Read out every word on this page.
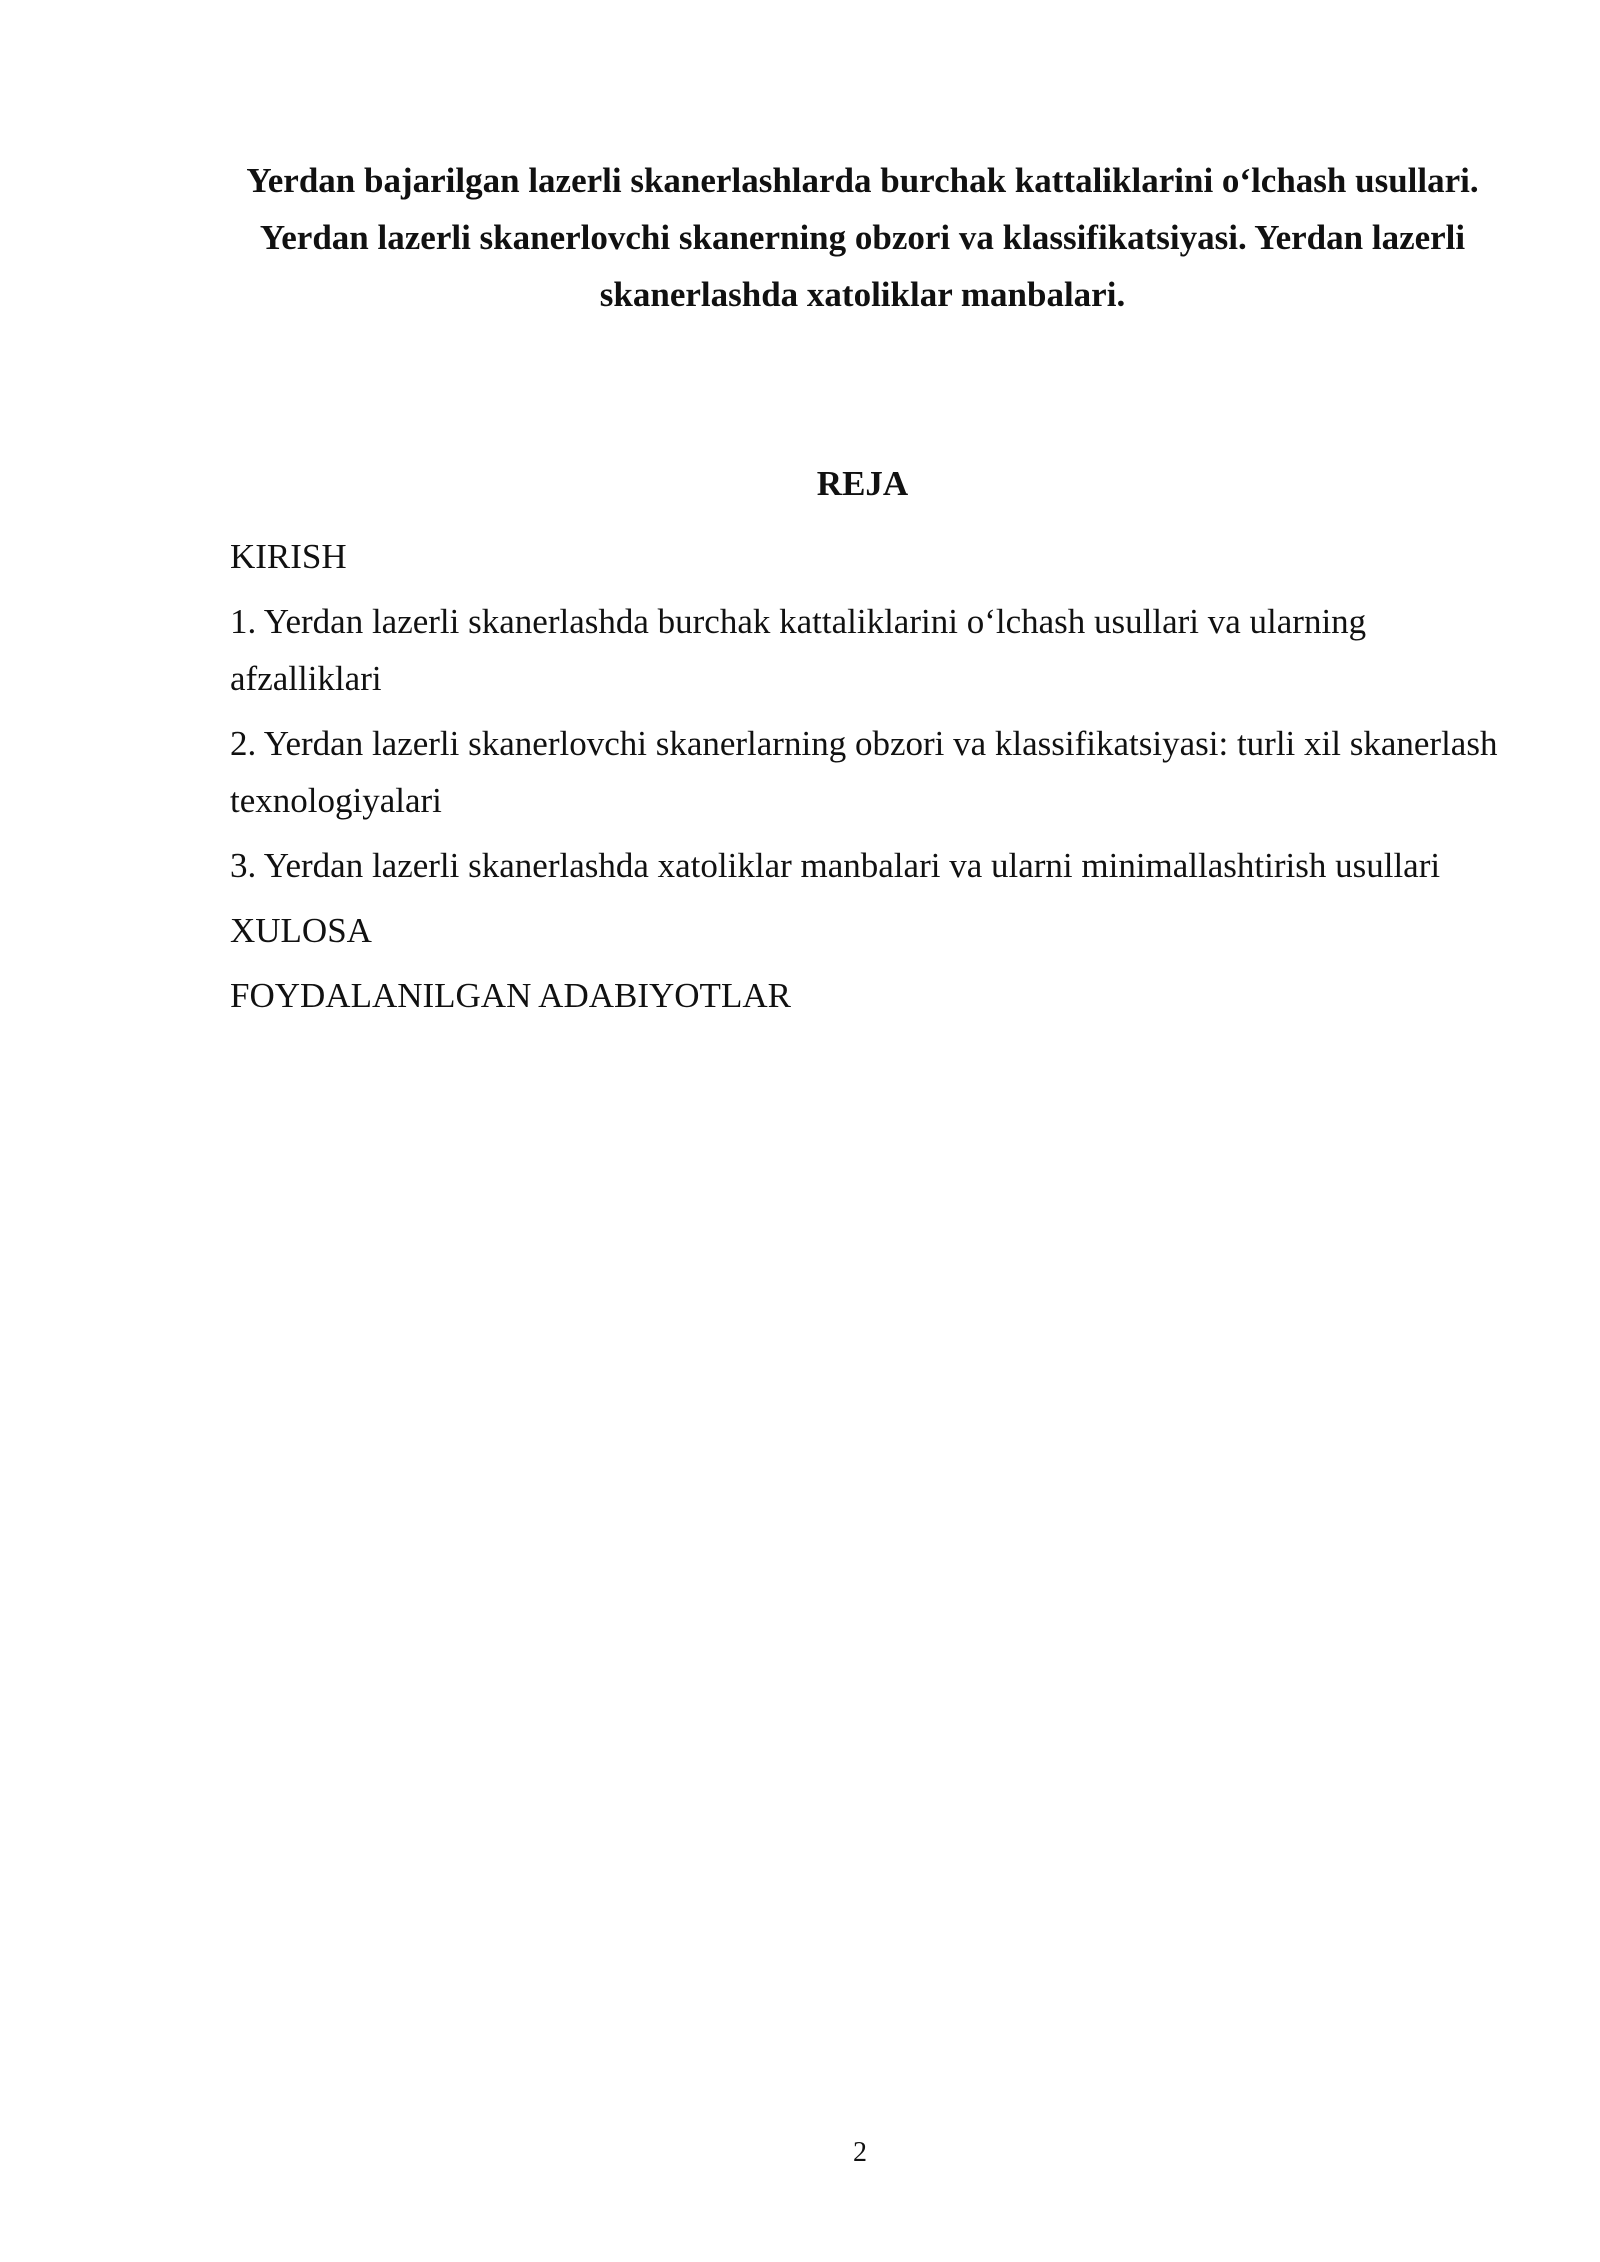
Yerdan bajarilgan lazerli skanerlashlarda burchak kattaliklarini o‘lchash usullari. Yerdan lazerli skanerlovchi skanerning obzori va klassifikatsiyasi. Yerdan lazerli skanerlashda xatoliklar manbalari.
REJA
KIRISH
1. Yerdan lazerli skanerlashda burchak kattaliklarini o‘lchash usullari va ularning afzalliklari
2. Yerdan lazerli skanerlovchi skanerlarning obzori va klassifikatsiyasi: turli xil skanerlash texnologiyalari
3. Yerdan lazerli skanerlashda xatoliklar manbalari va ularni minimallashtirish usullari
XULOSA
FOYDALANILGAN ADABIYOTLAR
2
